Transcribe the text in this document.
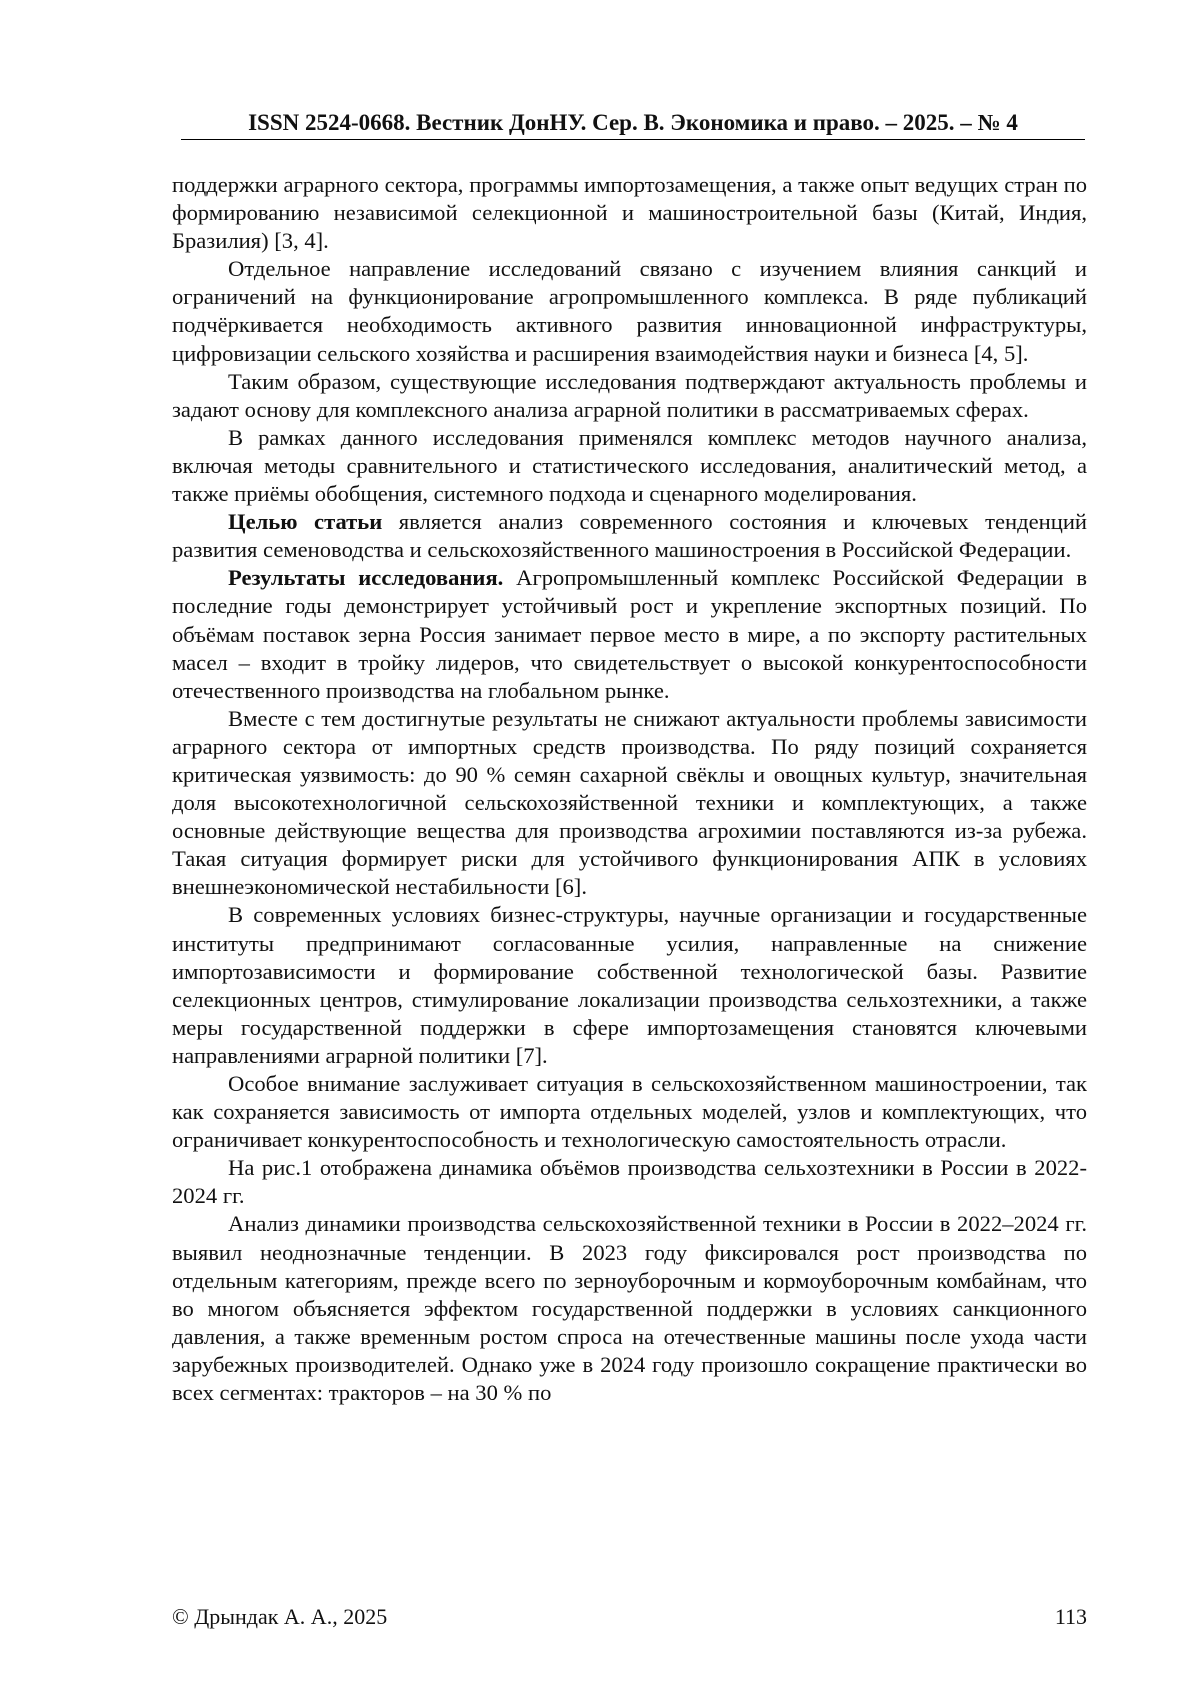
ISSN 2524-0668. Вестник ДонНУ. Сер. В. Экономика и право. – 2025. – № 4

поддержки аграрного сектора, программы импортозамещения, а также опыт ведущих стран по формированию независимой селекционной и машиностроительной базы (Китай, Индия, Бразилия) [3, 4].

Отдельное направление исследований связано с изучением влияния санкций и ограничений на функционирование агропромышленного комплекса. В ряде публикаций подчёркивается необходимость активного развития инновационной инфраструктуры, цифровизации сельского хозяйства и расширения взаимодействия науки и бизнеса [4, 5].

Таким образом, существующие исследования подтверждают актуальность проблемы и задают основу для комплексного анализа аграрной политики в рассматриваемых сферах.

В рамках данного исследования применялся комплекс методов научного анализа, включая методы сравнительного и статистического исследования, аналитический метод, а также приёмы обобщения, системного подхода и сценарного моделирования.

Целью статьи является анализ современного состояния и ключевых тенденций развития семеноводства и сельскохозяйственного машиностроения в Российской Федерации.

Результаты исследования. Агропромышленный комплекс Российской Федерации в последние годы демонстрирует устойчивый рост и укрепление экспортных позиций. По объёмам поставок зерна Россия занимает первое место в мире, а по экспорту растительных масел – входит в тройку лидеров, что свидетельствует о высокой конкурентоспособности отечественного производства на глобальном рынке.

Вместе с тем достигнутые результаты не снижают актуальности проблемы зависимости аграрного сектора от импортных средств производства. По ряду позиций сохраняется критическая уязвимость: до 90 % семян сахарной свёклы и овощных культур, значительная доля высокотехнологичной сельскохозяйственной техники и комплектующих, а также основные действующие вещества для производства агрохимии поставляются из-за рубежа. Такая ситуация формирует риски для устойчивого функционирования АПК в условиях внешнеэкономической нестабильности [6].

В современных условиях бизнес-структуры, научные организации и государственные институты предпринимают согласованные усилия, направленные на снижение импортозависимости и формирование собственной технологической базы. Развитие селекционных центров, стимулирование локализации производства сельхозтехники, а также меры государственной поддержки в сфере импортозамещения становятся ключевыми направлениями аграрной политики [7].

Особое внимание заслуживает ситуация в сельскохозяйственном машиностроении, так как сохраняется зависимость от импорта отдельных моделей, узлов и комплектующих, что ограничивает конкурентоспособность и технологическую самостоятельность отрасли.

На рис.1 отображена динамика объёмов производства сельхозтехники в России в 2022-2024 гг.

Анализ динамики производства сельскохозяйственной техники в России в 2022–2024 гг. выявил неоднозначные тенденции. В 2023 году фиксировался рост производства по отдельным категориям, прежде всего по зерноуборочным и кормоуборочным комбайнам, что во многом объясняется эффектом государственной поддержки в условиях санкционного давления, а также временным ростом спроса на отечественные машины после ухода части зарубежных производителей. Однако уже в 2024 году произошло сокращение практически во всех сегментах: тракторов – на 30 % по

© Дрындак А. А., 2025	113
